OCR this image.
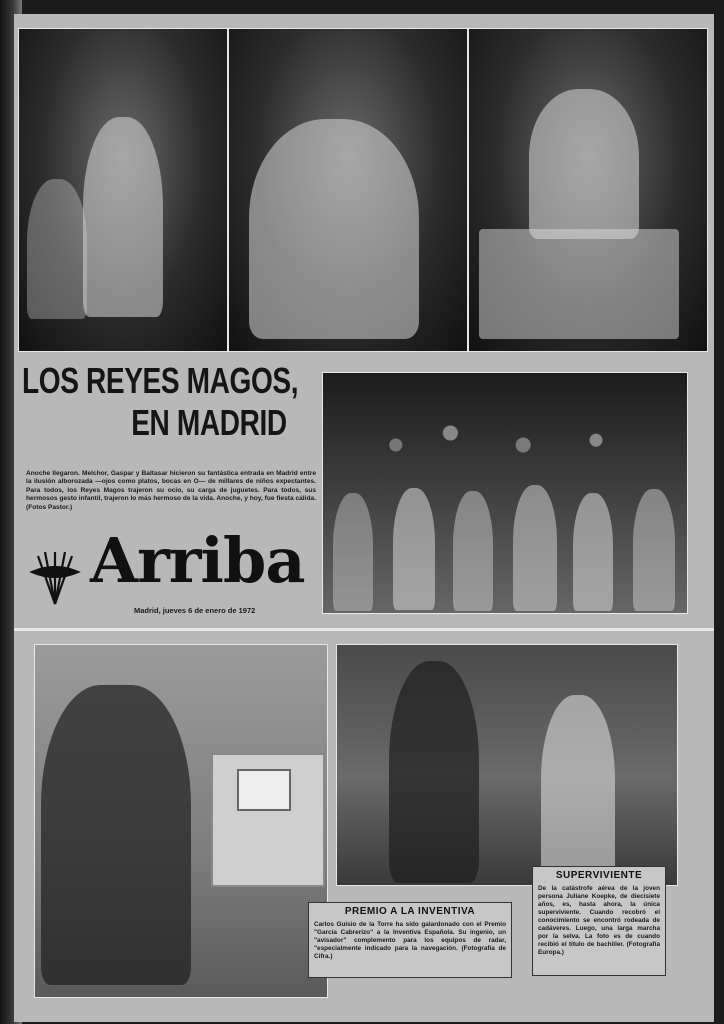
LOS REYES MAGOS,
EN MADRID
Anoche llegaron. Melchor, Gaspar y Baltasar hicieron su fantástica entrada en Madrid entre la ilusión alborozada —ojos como platos, bocas en O— de millares de niños expectantes. Para todos, los Reyes Magos trajeron su ocio, su carga de juguetes. Para todos, sus hermosos gesto infantil, trajeron lo más hermoso de la vida. Anoche, y hoy, fue fiesta cálida. (Fotos Pastor.)
Arriba
Madrid, jueves 6 de enero de 1972
PREMIO A LA INVENTIVA
Carlos Guisio de la Torre ha sido galardonado con el Premio "García Cabrerizo" a la Inventiva Española. Su ingenio, un "avisador" complemento para los equipos de radar, "especialmente indicado para la navegación. (Fotografía de Cifra.)
SUPERVIVIENTE
De la catástrofe aérea de la joven persona Juliane Koepke, de diecisiete años, es, hasta ahora, la única superviviente. Cuando recobró el conocimiento se encontró rodeada de cadáveres. Luego, una larga marcha por la selva. La foto es de cuando recibió el título de bachiller. (Fotografía Europa.)
